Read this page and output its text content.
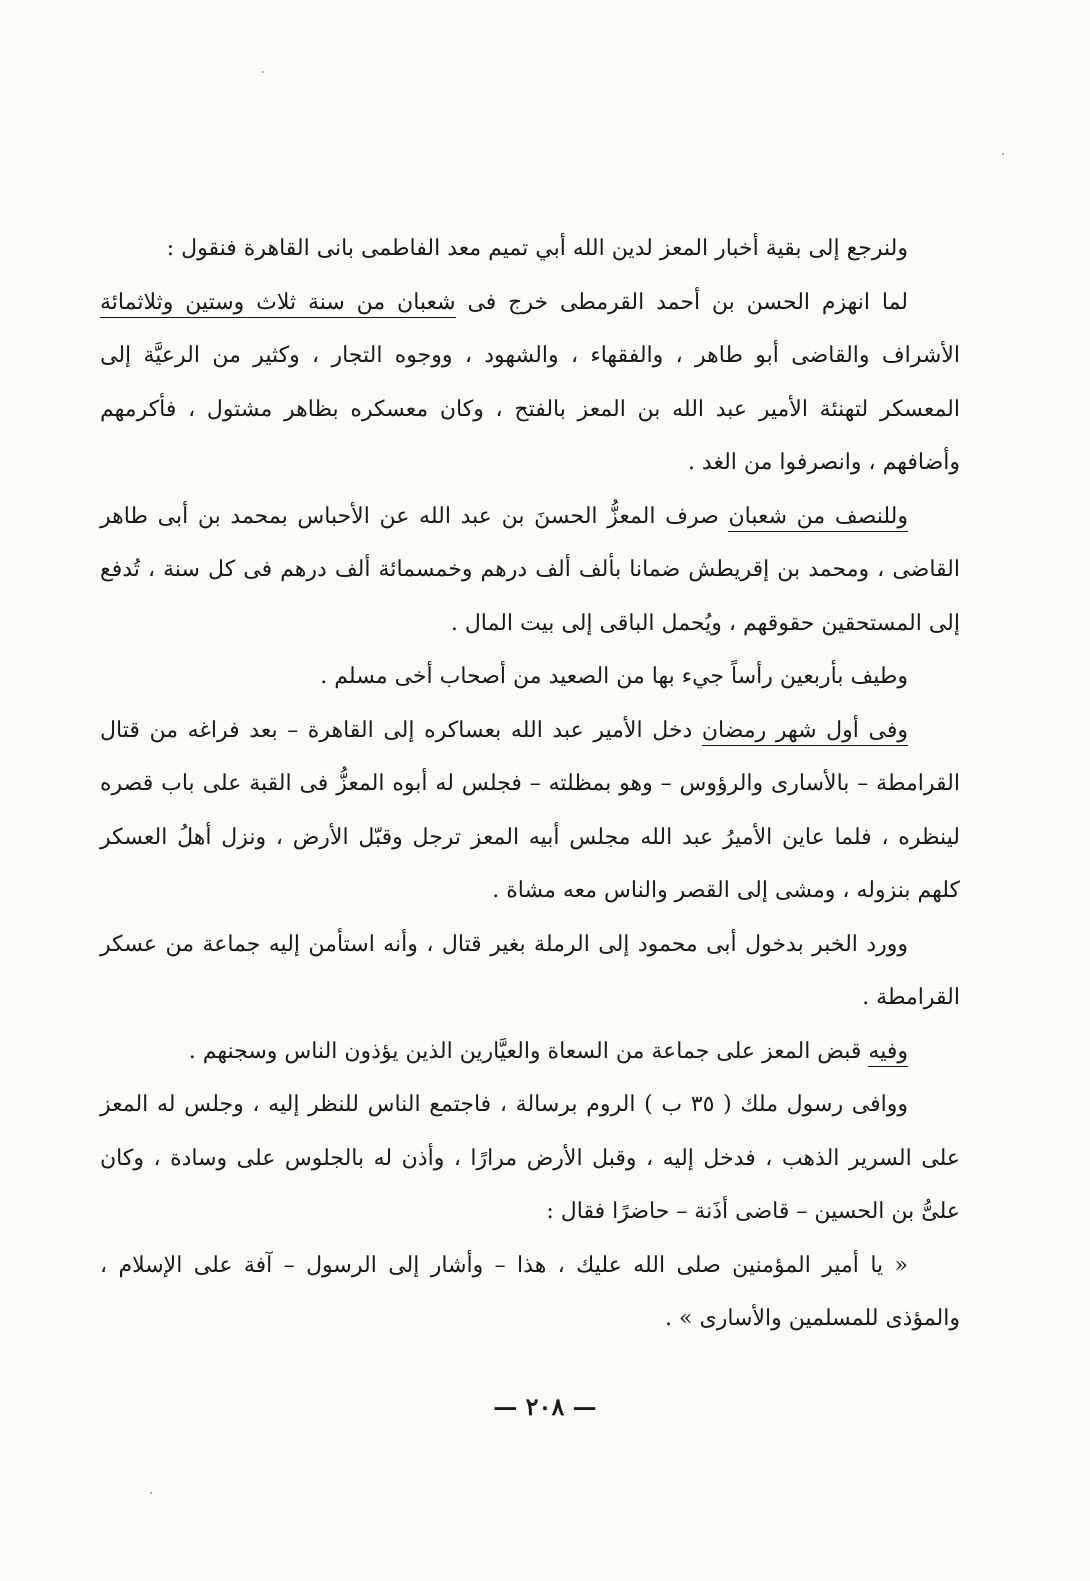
ولنرجع إلى بقية أخبار المعز لدين الله أبي تميم معد الفاطمى بانى القاهرة فنقول :

لما انهزم الحسن بن أحمد القرمطى خرج فى شعبان من سنة ثلاث وستين وثلاثمائة الأشراف والقاضى أبو طاهر ، والفقهاء ، والشهود ، ووجوه التجار ، وكثير من الرعيَّة إلى المعسكر لتهنئة الأمير عبد الله بن المعز بالفتح ، وكان معسكره بظاهر مشتول ، فأكرمهم وأضافهم ، وانصرفوا من الغد .

وللنصف من شعبان صرف المعزُّ الحسنَ بن عبد الله عن الأحباس بمحمد بن أبى طاهر القاضى ، ومحمد بن إقريطش ضمانا بألف ألف درهم وخمسمائة ألف درهم فى كل سنة ، تُدفع إلى المستحقين حقوقهم ، ويُحمل الباقى إلى بيت المال .

وطيف بأربعين رأساً جيء بها من الصعيد من أصحاب أخى مسلم .

وفى أول شهر رمضان دخل الأمير عبد الله بعساكره إلى القاهرة – بعد فراغه من قتال القرامطة – بالأسارى والرؤوس – وهو بمظلته – فجلس له أبوه المعزُّ فى القبة على باب قصره لينظره ، فلما عاين الأميرُ عبد الله مجلس أبيه المعز ترجل وقبّل الأرض ، ونزل أهلُ العسكر كلهم بنزوله ، ومشى إلى القصر والناس معه مشاة .

وورد الخبر بدخول أبى محمود إلى الرملة بغير قتال ، وأنه استأمن إليه جماعة من عسكر القرامطة .

وفيه قبض المعز على جماعة من السعاة والعيَّارين الذين يؤذون الناس وسجنهم .

ووافى رسول ملك ( ٣٥ ب ) الروم برسالة ، فاجتمع الناس للنظر إليه ، وجلس له المعز على السرير الذهب ، فدخل إليه ، وقبل الأرض مرارًا ، وأذن له بالجلوس على وسادة ، وكان علىُّ بن الحسين – قاضى أذَنة – حاضرًا فقال :

« يا أمير المؤمنين صلى الله عليك ، هذا – وأشار إلى الرسول – آفة على الإسلام ، والمؤذى للمسلمين والأسارى » .

— ٢٠٨ —
